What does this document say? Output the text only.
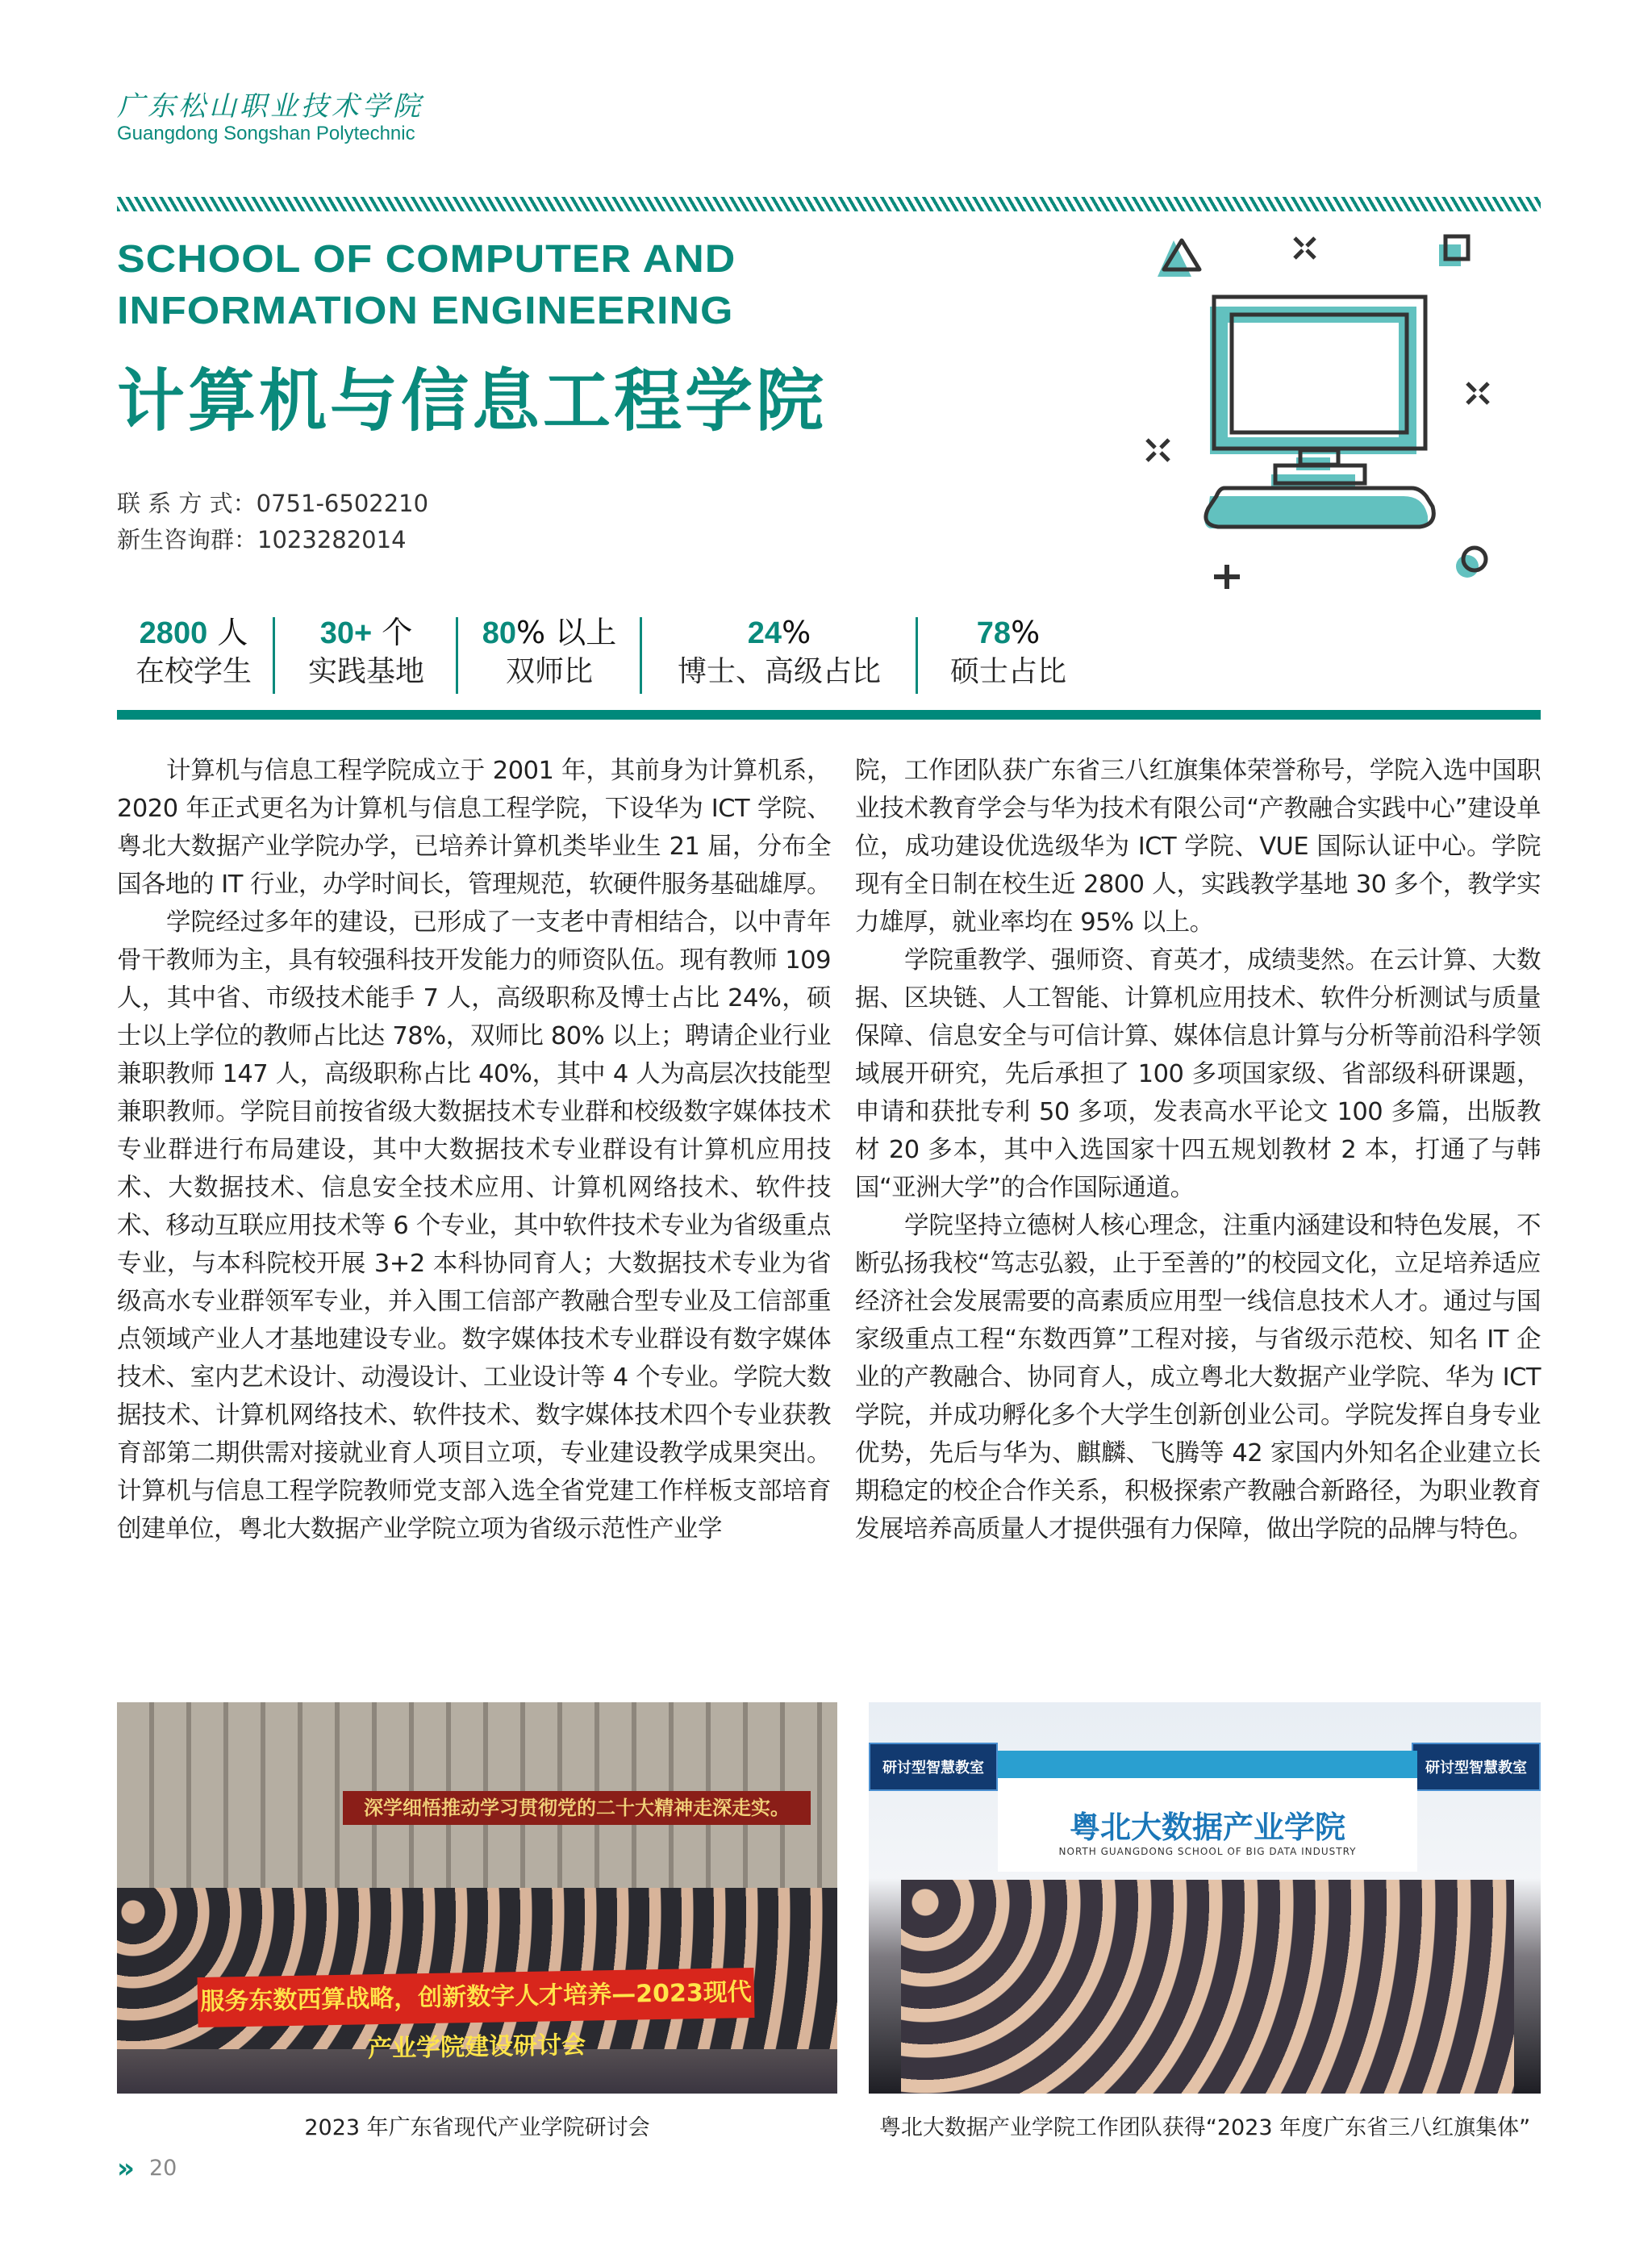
广东松山职业技术学院
Guangdong Songshan Polytechnic
SCHOOL OF COMPUTER AND
INFORMATION ENGINEERING
计算机与信息工程学院
联 系 方 式：0751-6502210
新生咨询群：1023282014
2800 人
在校学生
30+ 个
实践基地
80% 以上
双师比
24%
博士、高级占比
78%
硕士占比

计算机与信息工程学院成立于 2001 年，其前身为计算机系，2020 年正式更名为计算机与信息工程学院，下设华为 ICT 学院、粤北大数据产业学院办学，已培养计算机类毕业生 21 届，分布全国各地的 IT 行业，办学时间长，管理规范，软硬件服务基础雄厚。

学院经过多年的建设，已形成了一支老中青相结合，以中青年骨干教师为主，具有较强科技开发能力的师资队伍。现有教师 109 人，其中省、市级技术能手 7 人，高级职称及博士占比 24%，硕士以上学位的教师占比达 78%，双师比 80% 以上；聘请企业行业兼职教师 147 人，高级职称占比 40%，其中 4 人为高层次技能型兼职教师。学院目前按省级大数据技术专业群和校级数字媒体技术专业群进行布局建设，其中大数据技术专业群设有计算机应用技术、大数据技术、信息安全技术应用、计算机网络技术、软件技术、移动互联应用技术等 6 个专业，其中软件技术专业为省级重点专业，与本科院校开展 3+2 本科协同育人；大数据技术专业为省级高水专业群领军专业，并入围工信部产教融合型专业及工信部重点领域产业人才基地建设专业。数字媒体技术专业群设有数字媒体技术、室内艺术设计、动漫设计、工业设计等 4 个专业。学院大数据技术、计算机网络技术、软件技术、数字媒体技术四个专业获教育部第二期供需对接就业育人项目立项，专业建设教学成果突出。计算机与信息工程学院教师党支部入选全省党建工作样板支部培育创建单位，粤北大数据产业学院立项为省级示范性产业学

院，工作团队获广东省三八红旗集体荣誉称号，学院入选中国职业技术教育学会与华为技术有限公司“产教融合实践中心”建设单位，成功建设优选级华为 ICT 学院、VUE 国际认证中心。学院现有全日制在校生近 2800 人，实践教学基地 30 多个，教学实力雄厚，就业率均在 95% 以上。

学院重教学、强师资、育英才，成绩斐然。在云计算、大数据、区块链、人工智能、计算机应用技术、软件分析测试与质量保障、信息安全与可信计算、媒体信息计算与分析等前沿科学领域展开研究，先后承担了 100 多项国家级、省部级科研课题，申请和获批专利 50 多项，发表高水平论文 100 多篇，出版教材 20 多本，其中入选国家十四五规划教材 2 本，打通了与韩国“亚洲大学”的合作国际通道。

学院坚持立德树人核心理念，注重内涵建设和特色发展，不断弘扬我校“笃志弘毅，止于至善的”的校园文化，立足培养适应经济社会发展需要的高素质应用型一线信息技术人才。通过与国家级重点工程“东数西算”工程对接，与省级示范校、知名 IT 企业的产教融合、协同育人，成立粤北大数据产业学院、华为 ICT 学院，并成功孵化多个大学生创新创业公司。学院发挥自身专业优势，先后与华为、麒麟、飞腾等 42 家国内外知名企业建立长期稳定的校企合作关系，积极探索产教融合新路径，为职业教育发展培养高质量人才提供强有力保障，做出学院的品牌与特色。

深学细悟推动学习贯彻党的二十大精神走深走实。
服务东数西算战略，创新数字人才培养—2023现代产业学院建设研讨会
研讨型智慧教室	研讨型智慧教室
粤北大数据产业学院
NORTH GUANGDONG SCHOOL OF BIG DATA INDUSTRY
2023 年广东省现代产业学院研讨会	粤北大数据产业学院工作团队获得“2023 年度广东省三八红旗集体”
» 20
